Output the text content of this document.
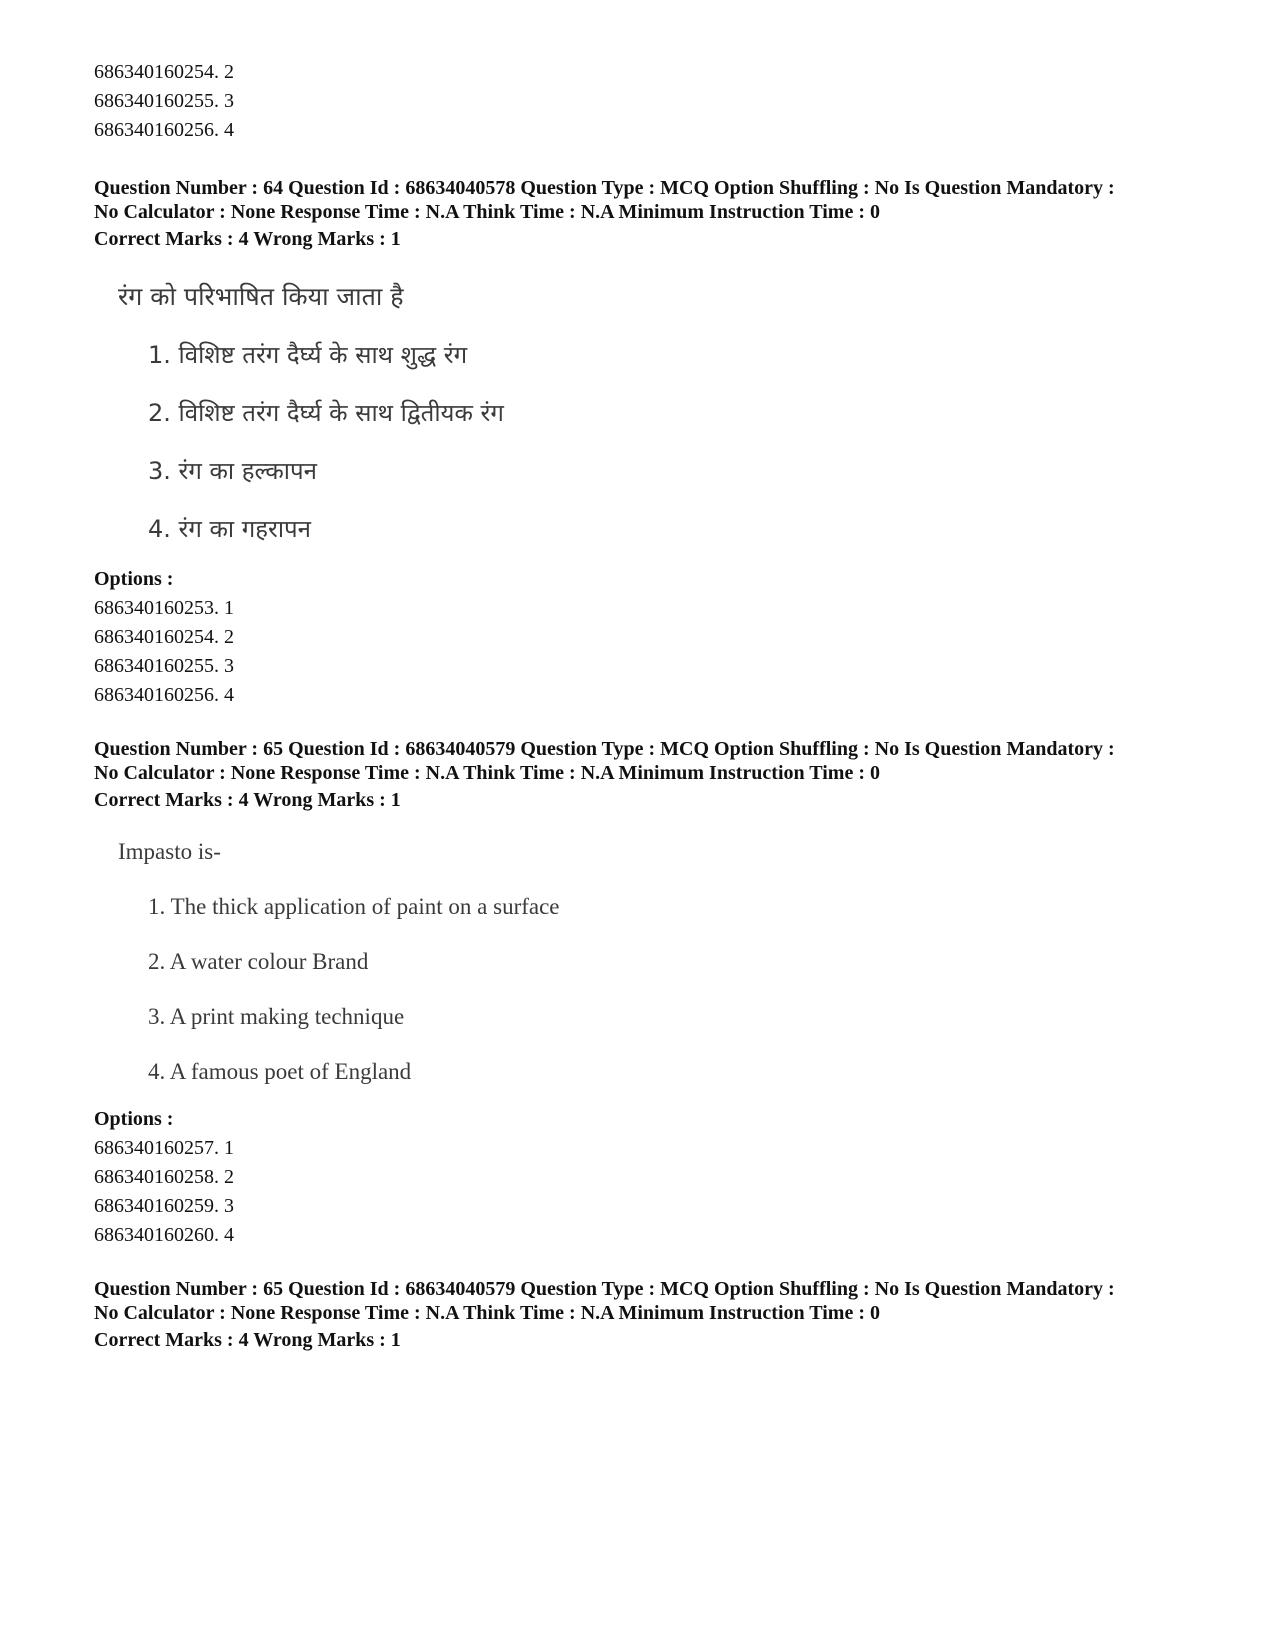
686340160254. 2
686340160255. 3
686340160256. 4
Question Number : 64 Question Id : 68634040578 Question Type : MCQ Option Shuffling : No Is Question Mandatory :
No Calculator : None Response Time : N.A Think Time : N.A Minimum Instruction Time : 0
Correct Marks : 4 Wrong Marks : 1
रंग को परिभाषित किया जाता है
1. विशिष्ट तरंग दैर्घ्य के साथ शुद्ध रंग
2. विशिष्ट तरंग दैर्घ्य के साथ द्वितीयक रंग
3. रंग का हल्कापन
4. रंग का गहरापन
Options :
686340160253. 1
686340160254. 2
686340160255. 3
686340160256. 4
Question Number : 65 Question Id : 68634040579 Question Type : MCQ Option Shuffling : No Is Question Mandatory :
No Calculator : None Response Time : N.A Think Time : N.A Minimum Instruction Time : 0
Correct Marks : 4 Wrong Marks : 1
Impasto is-
1. The thick application of paint on a surface
2. A water colour Brand
3. A print making technique
4. A famous poet of England
Options :
686340160257. 1
686340160258. 2
686340160259. 3
686340160260. 4
Question Number : 65 Question Id : 68634040579 Question Type : MCQ Option Shuffling : No Is Question Mandatory :
No Calculator : None Response Time : N.A Think Time : N.A Minimum Instruction Time : 0
Correct Marks : 4 Wrong Marks : 1
